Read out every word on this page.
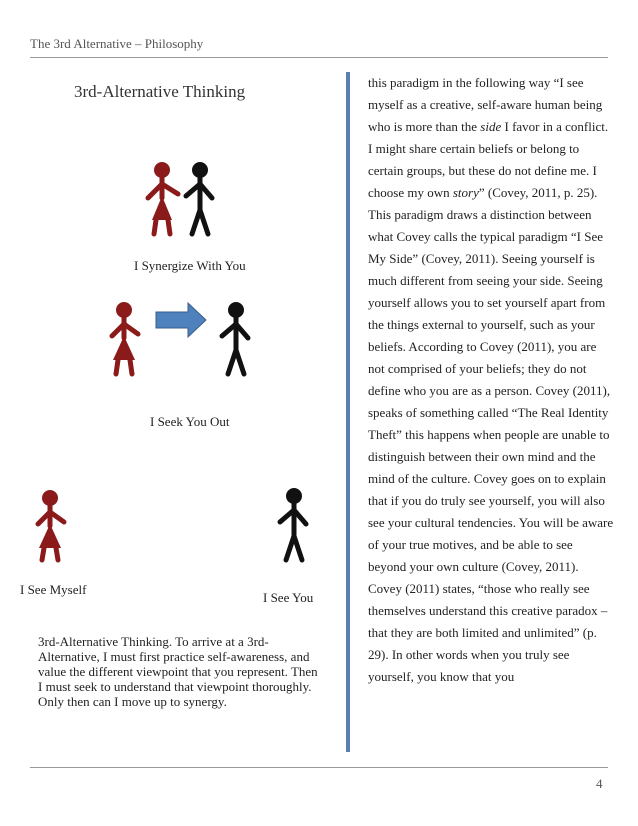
The 3rd Alternative – Philosophy
3rd-Alternative Thinking
I Synergize With You
I Seek You Out
I See Myself
I See You
3rd-Alternative Thinking. To arrive at a 3rd-Alternative, I must first practice self-awareness, and value the different viewpoint that you represent. Then I must seek to understand that viewpoint thoroughly. Only then can I move up to synergy.

this paradigm in the following way “I see myself as a creative, self-aware human being who is more than the side I favor in a conflict. I might share certain beliefs or belong to certain groups, but these do not define me. I choose my own story” (Covey, 2011, p. 25). This paradigm draws a distinction between what Covey calls the typical paradigm “I See My Side” (Covey, 2011). Seeing yourself is much different from seeing your side. Seeing yourself allows you to set yourself apart from the things external to yourself, such as your beliefs. According to Covey (2011), you are not comprised of your beliefs; they do not define who you are as a person. Covey (2011), speaks of something called “The Real Identity Theft” this happens when people are unable to distinguish between their own mind and the mind of the culture. Covey goes on to explain that if you do truly see yourself, you will also see your cultural tendencies. You will be aware of your true motives, and be able to see beyond your own culture (Covey, 2011). Covey (2011) states, “those who really see themselves understand this creative paradox – that they are both limited and unlimited” (p. 29). In other words when you truly see yourself, you know that you

4
